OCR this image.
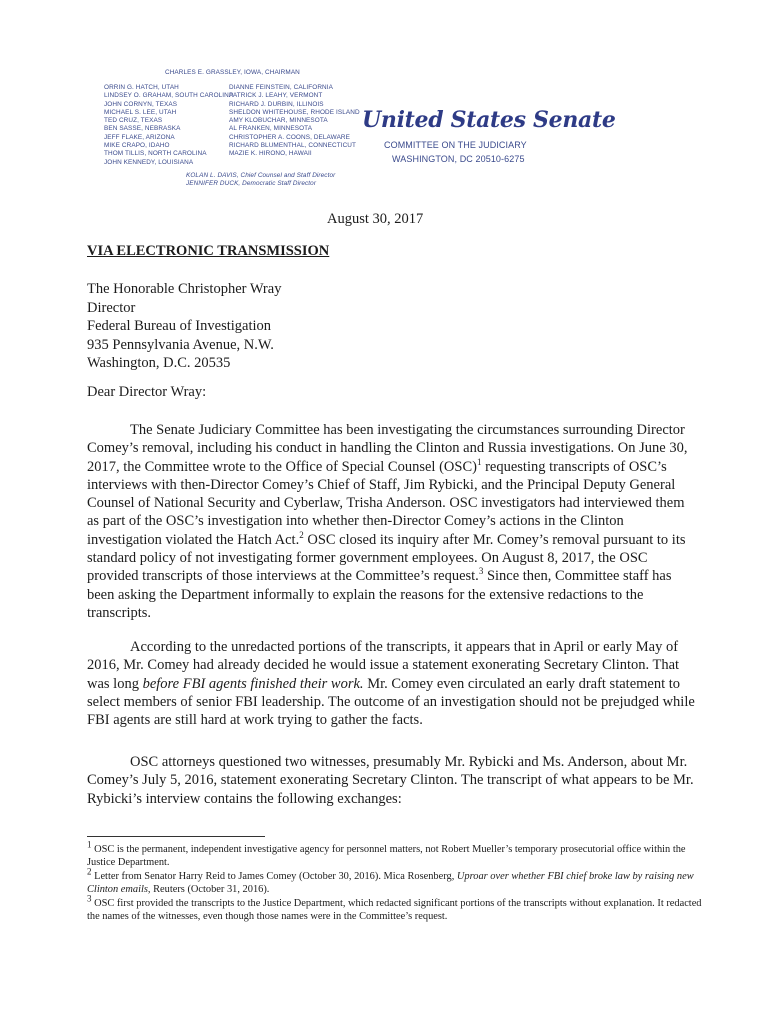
CHARLES E. GRASSLEY, IOWA, CHAIRMAN
ORRIN G. HATCH, UTAH
LINDSEY O. GRAHAM, SOUTH CAROLINA
JOHN CORNYN, TEXAS
MICHAEL S. LEE, UTAH
TED CRUZ, TEXAS
BEN SASSE, NEBRASKA
JEFF FLAKE, ARIZONA
MIKE CRAPO, IDAHO
THOM TILLIS, NORTH CAROLINA
JOHN KENNEDY, LOUISIANA
DIANNE FEINSTEIN, CALIFORNIA
PATRICK J. LEAHY, VERMONT
RICHARD J. DURBIN, ILLINOIS
SHELDON WHITEHOUSE, RHODE ISLAND
AMY KLOBUCHAR, MINNESOTA
AL FRANKEN, MINNESOTA
CHRISTOPHER A. COONS, DELAWARE
RICHARD BLUMENTHAL, CONNECTICUT
MAZIE K. HIRONO, HAWAII
United States Senate
COMMITTEE ON THE JUDICIARY
WASHINGTON, DC 20510-6275
KOLAN L. DAVIS, Chief Counsel and Staff Director
JENNIFER DUCK, Democratic Staff Director
August 30, 2017
VIA ELECTRONIC TRANSMISSION
The Honorable Christopher Wray
Director
Federal Bureau of Investigation
935 Pennsylvania Avenue, N.W.
Washington, D.C. 20535
Dear Director Wray:
The Senate Judiciary Committee has been investigating the circumstances surrounding Director Comey’s removal, including his conduct in handling the Clinton and Russia investigations. On June 30, 2017, the Committee wrote to the Office of Special Counsel (OSC)$^1$ requesting transcripts of OSC’s interviews with then-Director Comey’s Chief of Staff, Jim Rybicki, and the Principal Deputy General Counsel of National Security and Cyberlaw, Trisha Anderson. OSC investigators had interviewed them as part of the OSC’s investigation into whether then-Director Comey’s actions in the Clinton investigation violated the Hatch Act.$^2$ OSC closed its inquiry after Mr. Comey’s removal pursuant to its standard policy of not investigating former government employees. On August 8, 2017, the OSC provided transcripts of those interviews at the Committee’s request.$^3$ Since then, Committee staff has been asking the Department informally to explain the reasons for the extensive redactions to the transcripts.
According to the unredacted portions of the transcripts, it appears that in April or early May of 2016, Mr. Comey had already decided he would issue a statement exonerating Secretary Clinton. That was long before FBI agents finished their work. Mr. Comey even circulated an early draft statement to select members of senior FBI leadership. The outcome of an investigation should not be prejudged while FBI agents are still hard at work trying to gather the facts.
OSC attorneys questioned two witnesses, presumably Mr. Rybicki and Ms. Anderson, about Mr. Comey’s July 5, 2016, statement exonerating Secretary Clinton. The transcript of what appears to be Mr. Rybicki’s interview contains the following exchanges:
$^1$ OSC is the permanent, independent investigative agency for personnel matters, not Robert Mueller’s temporary prosecutorial office within the Justice Department.
$^2$ Letter from Senator Harry Reid to James Comey (October 30, 2016). Mica Rosenberg, Uproar over whether FBI chief broke law by raising new Clinton emails, Reuters (October 31, 2016).
$^3$ OSC first provided the transcripts to the Justice Department, which redacted significant portions of the transcripts without explanation. It redacted the names of the witnesses, even though those names were in the Committee’s request.
